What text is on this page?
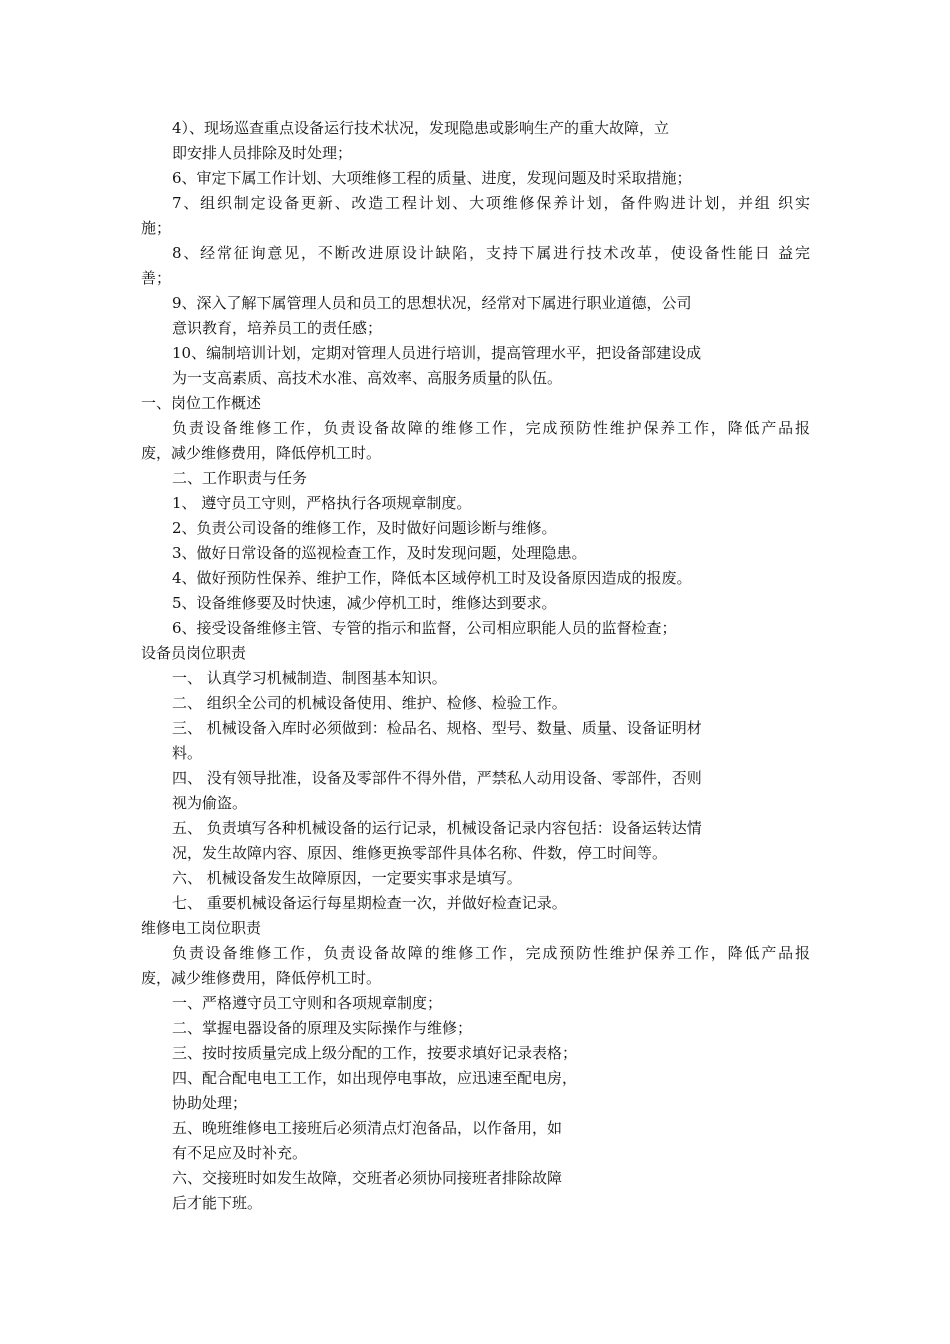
4）、现场巡查重点设备运行技术状况，发现隐患或影响生产的重大故障，立
即安排人员排除及时处理；
6、审定下属工作计划、大项维修工程的质量、进度，发现问题及时采取措施；
7、组织制定设备更新、改造工程计划、大项维修保养计划，备件购进计划，并组 织实
施；
8、经常征询意见，不断改进原设计缺陷，支持下属进行技术改革，使设备性能日 益完
善；
9、深入了解下属管理人员和员工的思想状况，经常对下属进行职业道德，公司
意识教育，培养员工的责任感；
10、编制培训计划，定期对管理人员进行培训，提高管理水平，把设备部建设成
为一支高素质、高技术水准、高效率、高服务质量的队伍。
一、岗位工作概述
负责设备维修工作，负责设备故障的维修工作，完成预防性维护保养工作，降低产品报
废，减少维修费用，降低停机工时。
二、工作职责与任务
1、 遵守员工守则，严格执行各项规章制度。
2、负责公司设备的维修工作，及时做好问题诊断与维修。
3、做好日常设备的巡视检查工作，及时发现问题，处理隐患。
4、做好预防性保养、维护工作，降低本区域停机工时及设备原因造成的报废。
5、设备维修要及时快速，减少停机工时，维修达到要求。
6、接受设备维修主管、专管的指示和监督，公司相应职能人员的监督检查；
设备员岗位职责
一、 认真学习机械制造、制图基本知识。
二、 组织全公司的机械设备使用、维护、检修、检验工作。
三、 机械设备入库时必须做到：检品名、规格、型号、数量、质量、设备证明材
料。
四、 没有领导批准，设备及零部件不得外借，严禁私人动用设备、零部件，否则
视为偷盗。
五、 负责填写各种机械设备的运行记录，机械设备记录内容包括：设备运转达情
况，发生故障内容、原因、维修更换零部件具体名称、件数，停工时间等。
六、 机械设备发生故障原因，一定要实事求是填写。
七、 重要机械设备运行每星期检查一次，并做好检查记录。
维修电工岗位职责
负责设备维修工作，负责设备故障的维修工作，完成预防性维护保养工作，降低产品报
废，减少维修费用，降低停机工时。
一、严格遵守员工守则和各项规章制度；
二、掌握电器设备的原理及实际操作与维修；
三、按时按质量完成上级分配的工作，按要求填好记录表格；
四、配合配电电工工作，如出现停电事故，应迅速至配电房，
协助处理；
五、晚班维修电工接班后必须清点灯泡备品，以作备用，如
有不足应及时补充。
六、交接班时如发生故障，交班者必须协同接班者排除故障
后才能下班。
